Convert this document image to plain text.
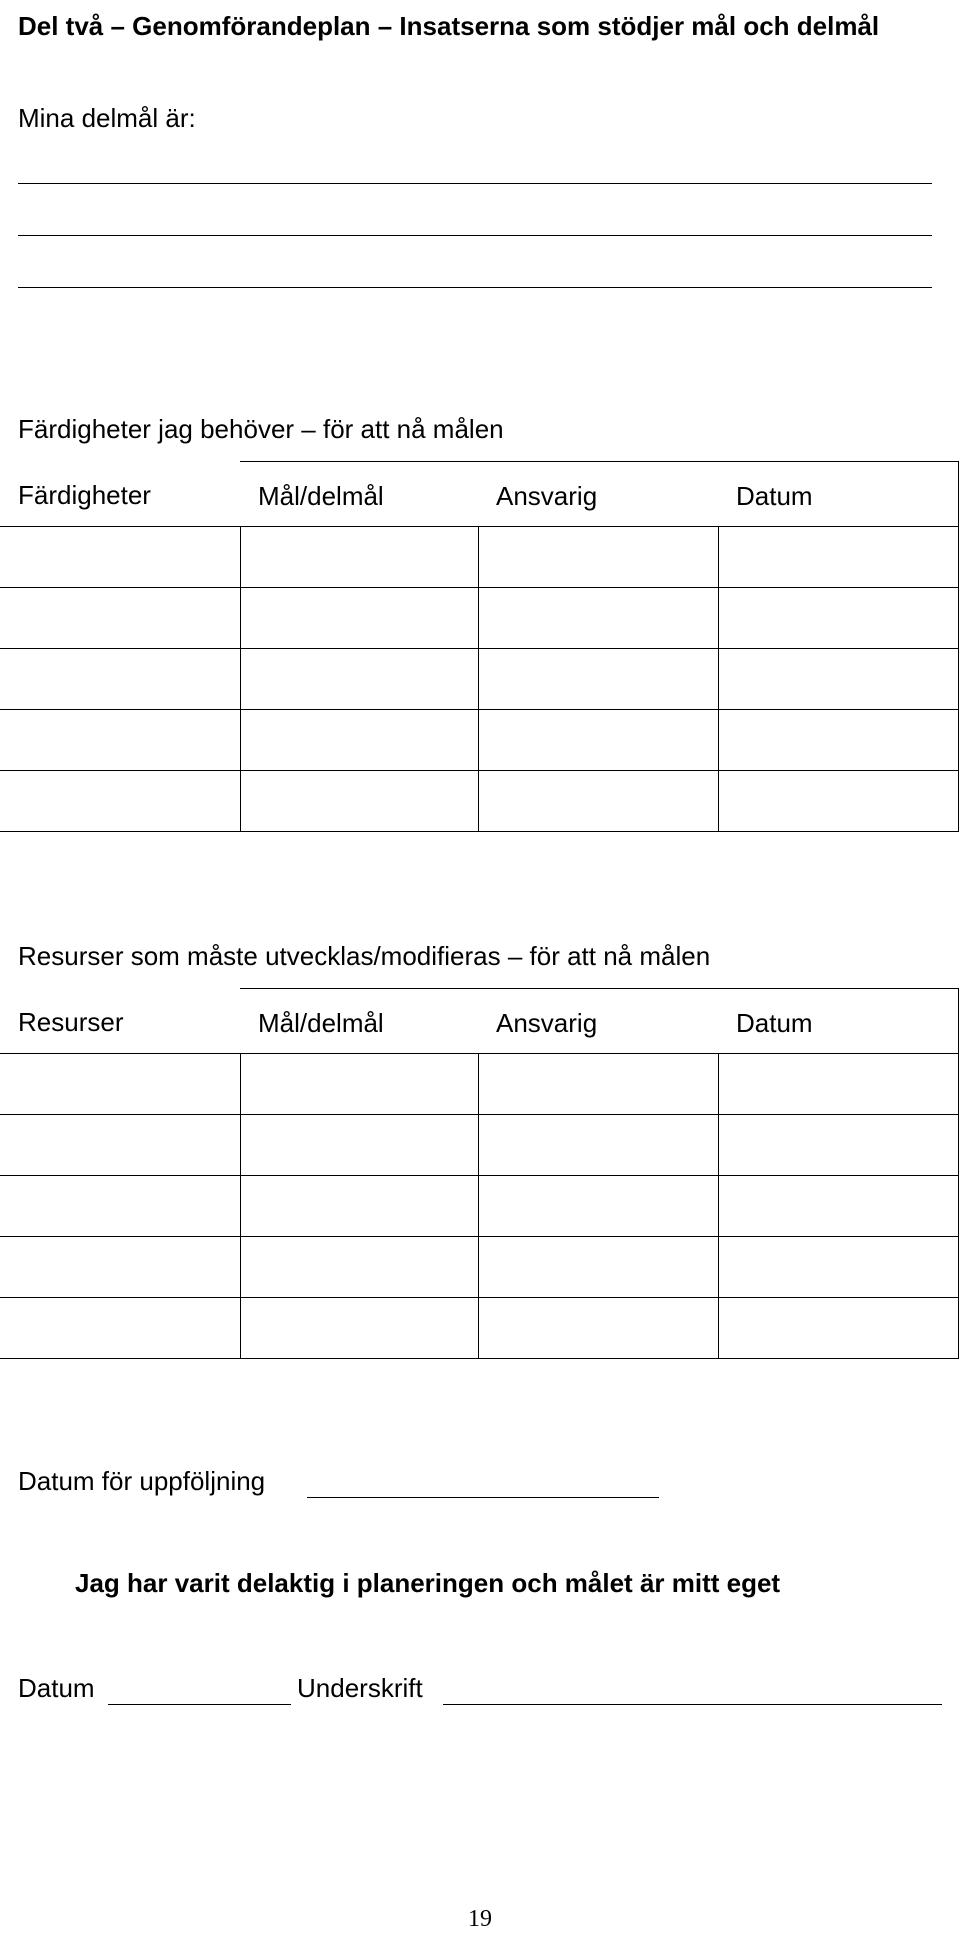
Del två – Genomförandeplan – Insatserna som stödjer mål och delmål
Mina delmål är:
Färdigheter jag behöver – för att nå målen
Färdigheter	Mål/delmål	Ansvarig	Datum

Resurser som måste utvecklas/modifieras – för att nå målen
Resurser	Mål/delmål	Ansvarig	Datum

Datum för uppföljning
Jag har varit delaktig i planeringen och målet är mitt eget
Datum	Underskrift
19
